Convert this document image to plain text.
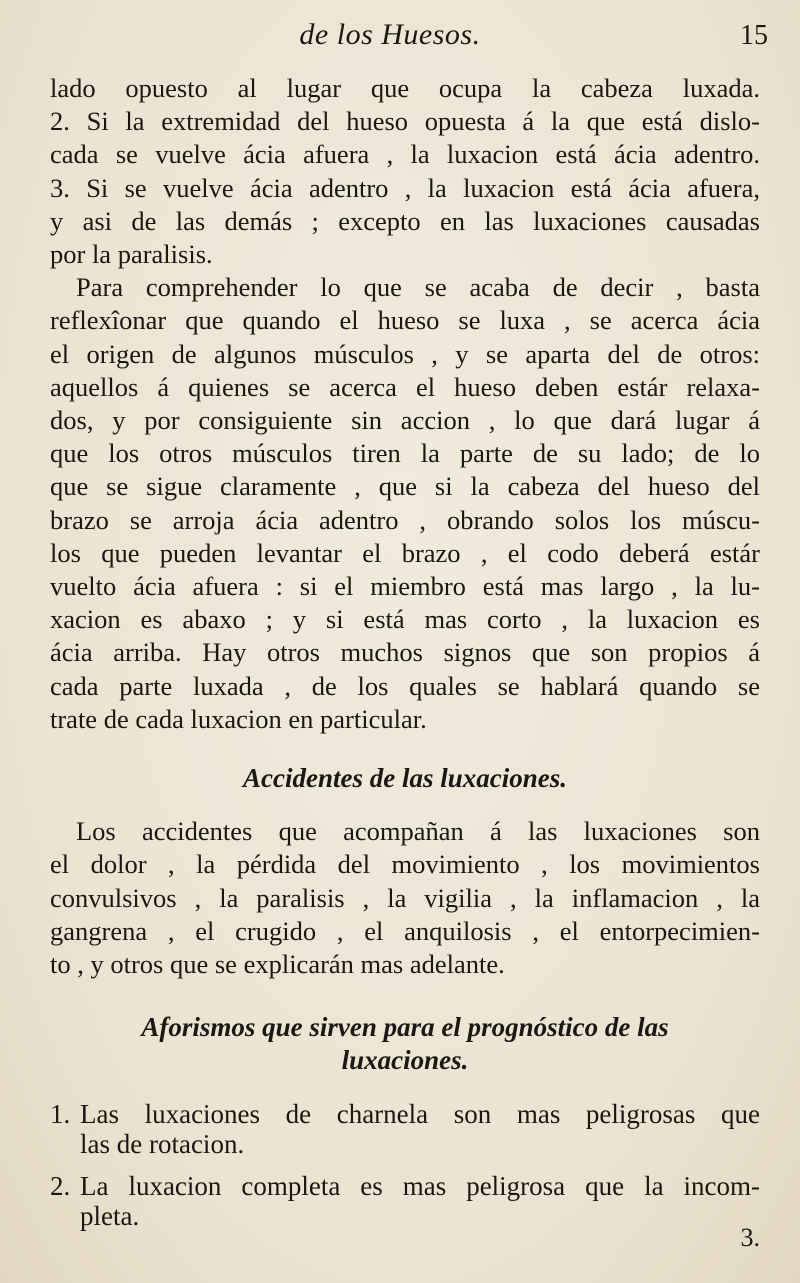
de los Huesos.	15
lado opuesto al lugar que ocupa la cabeza luxada.
2. Si la extremidad del hueso opuesta á la que está dislo-
cada se vuelve ácia afuera , la luxacion está ácia adentro.
3. Si se vuelve ácia adentro , la luxacion está ácia afuera,
y asi de las demás ; excepto en las luxaciones causadas
por la paralisis.
Para comprehender lo que se acaba de decir , basta
reflexîonar que quando el hueso se luxa , se acerca ácia
el origen de algunos músculos , y se aparta del de otros:
aquellos á quienes se acerca el hueso deben estár relaxa-
dos, y por consiguiente sin accion , lo que dará lugar á
que los otros músculos tiren la parte de su lado; de lo
que se sigue claramente , que si la cabeza del hueso del
brazo se arroja ácia adentro , obrando solos los múscu-
los que pueden levantar el brazo , el codo deberá estár
vuelto ácia afuera : si el miembro está mas largo , la lu-
xacion es abaxo ; y si está mas corto , la luxacion es
ácia arriba. Hay otros muchos signos que son propios á
cada parte luxada , de los quales se hablará quando se
trate de cada luxacion en particular.
Accidentes de las luxaciones.
Los accidentes que acompañan á las luxaciones son
el dolor , la pérdida del movimiento , los movimientos
convulsivos , la paralisis , la vigilia , la inflamacion , la
gangrena , el crugido , el anquilosis , el entorpecimien-
to , y otros que se explicarán mas adelante.
Aforismos que sirven para el prognóstico de las
luxaciones.
1. Las luxaciones de charnela son mas peligrosas que
las de rotacion.
2. La luxacion completa es mas peligrosa que la incom-
pleta.
3.
